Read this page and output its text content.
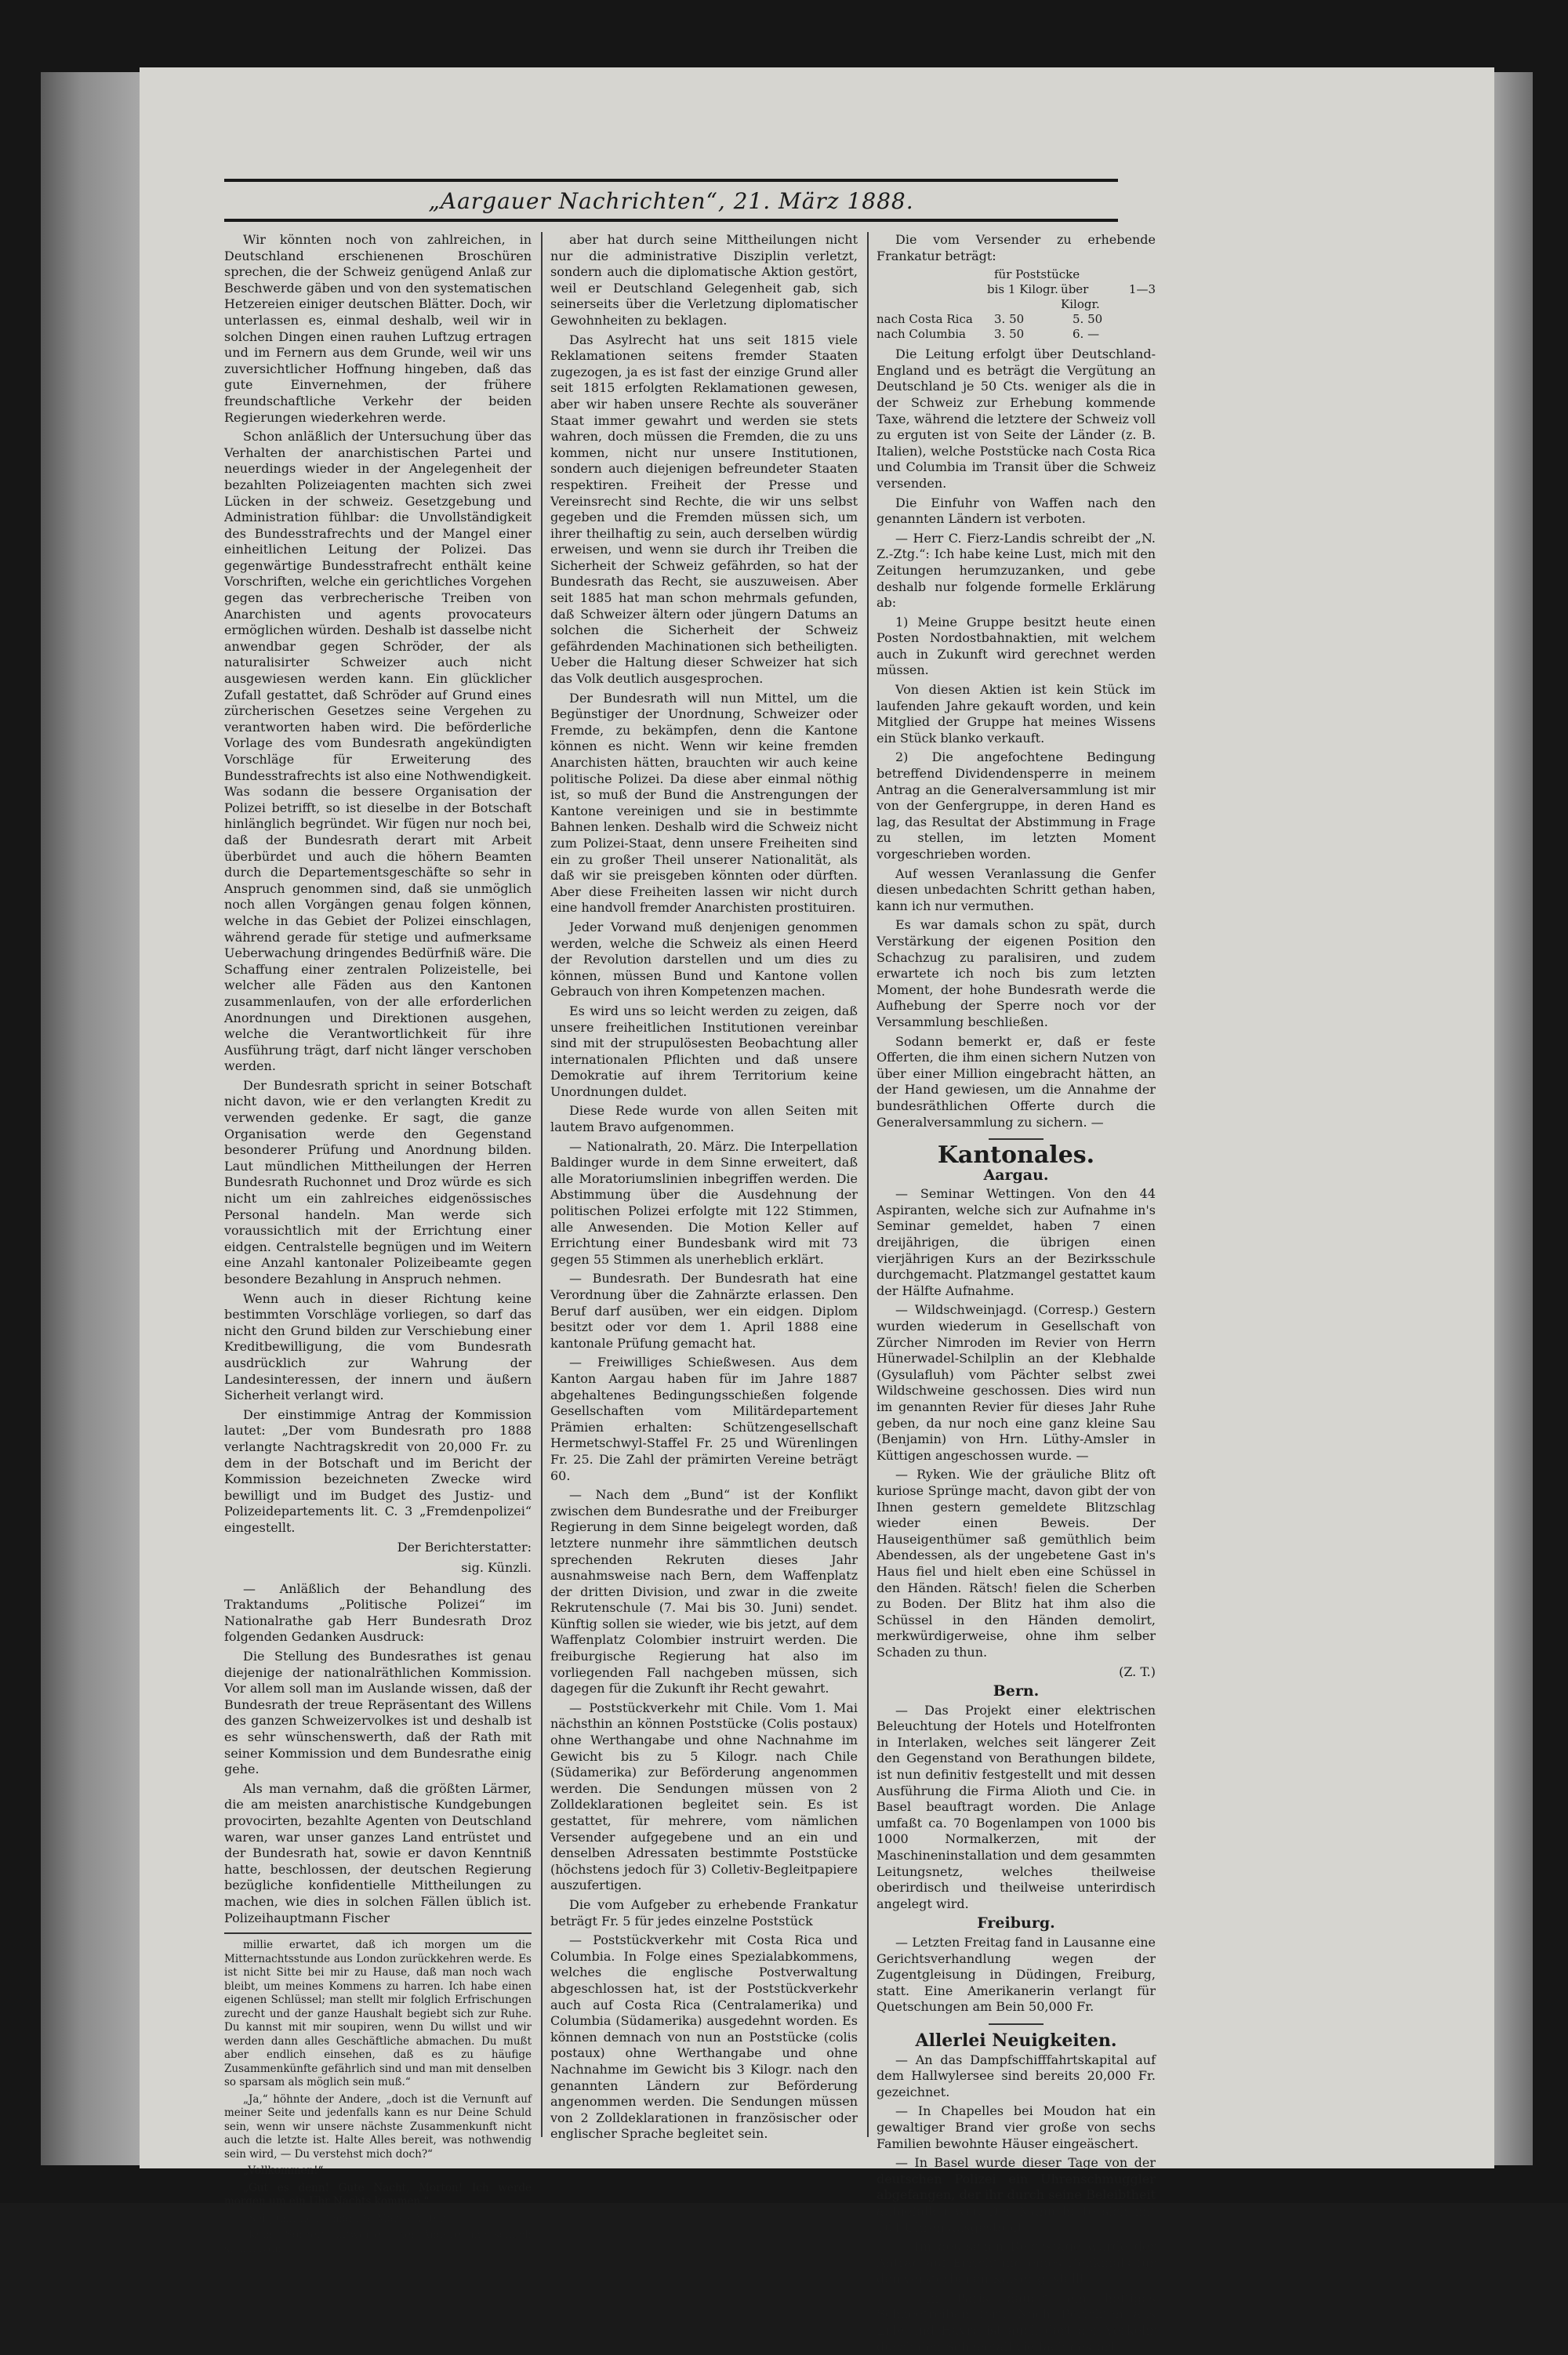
„Aargauer Nachrichten“, 21. März 1888.

Wir könnten noch von zahlreichen, in Deutschland erschienenen Broschüren sprechen, die der Schweiz genügend Anlaß zur Beschwerde gäben und von den systematischen Hetzereien einiger deutschen Blätter. Doch, wir unterlassen es, einmal deshalb, weil wir in solchen Dingen einen rauhen Luftzug ertragen und im Fernern aus dem Grunde, weil wir uns zuversichtlicher Hoffnung hingeben, daß das gute Einvernehmen, der frühere freundschaftliche Verkehr der beiden Regierungen wiederkehren werde.

Schon anläßlich der Untersuchung über das Verhalten der anarchistischen Partei und neuerdings wieder in der Angelegenheit der bezahlten Polizeiagenten machten sich zwei Lücken in der schweiz. Gesetzgebung und Administration fühlbar: die Unvollständigkeit des Bundesstrafrechts und der Mangel einer einheitlichen Leitung der Polizei. Das gegenwärtige Bundesstrafrecht enthält keine Vorschriften, welche ein gerichtliches Vorgehen gegen das verbrecherische Treiben von Anarchisten und agents provocateurs ermöglichen würden. Deshalb ist dasselbe nicht anwendbar gegen Schröder, der als naturalisirter Schweizer auch nicht ausgewiesen werden kann. Ein glücklicher Zufall gestattet, daß Schröder auf Grund eines zürcherischen Gesetzes seine Vergehen zu verantworten haben wird. Die beförderliche Vorlage des vom Bundesrath angekündigten Vorschläge für Erweiterung des Bundesstrafrechts ist also eine Nothwendigkeit. Was sodann die bessere Organisation der Polizei betrifft, so ist dieselbe in der Botschaft hinlänglich begründet. Wir fügen nur noch bei, daß der Bundesrath derart mit Arbeit überbürdet und auch die höhern Beamten durch die Departementsgeschäfte so sehr in Anspruch genommen sind, daß sie unmöglich noch allen Vorgängen genau folgen können, welche in das Gebiet der Polizei einschlagen, während gerade für stetige und aufmerksame Ueberwachung dringendes Bedürfniß wäre. Die Schaffung einer zentralen Polizeistelle, bei welcher alle Fäden aus den Kantonen zusammenlaufen, von der alle erforderlichen Anordnungen und Direktionen ausgehen, welche die Verantwortlichkeit für ihre Ausführung trägt, darf nicht länger verschoben werden.

Der Bundesrath spricht in seiner Botschaft nicht davon, wie er den verlangten Kredit zu verwenden gedenke. Er sagt, die ganze Organisation werde den Gegenstand besonderer Prüfung und Anordnung bilden. Laut mündlichen Mittheilungen der Herren Bundesrath Ruchonnet und Droz würde es sich nicht um ein zahlreiches eidgenössisches Personal handeln. Man werde sich voraussichtlich mit der Errichtung einer eidgen. Centralstelle begnügen und im Weitern eine Anzahl kantonaler Polizeibeamte gegen besondere Bezahlung in Anspruch nehmen.

Wenn auch in dieser Richtung keine bestimmten Vorschläge vorliegen, so darf das nicht den Grund bilden zur Verschiebung einer Kreditbewilligung, die vom Bundesrath ausdrücklich zur Wahrung der Landesinteressen, der innern und äußern Sicherheit verlangt wird.

Der einstimmige Antrag der Kommission lautet: „Der vom Bundesrath pro 1888 verlangte Nachtragskredit von 20,000 Fr. zu dem in der Botschaft und im Bericht der Kommission bezeichneten Zwecke wird bewilligt und im Budget des Justiz- und Polizeidepartements lit. C. 3 „Fremdenpolizei“ eingestellt.

Der Berichterstatter:
sig. Künzli.

— Anläßlich der Behandlung des Traktandums „Politische Polizei“ im Nationalrathe gab Herr Bundesrath Droz folgenden Gedanken Ausdruck:

Die Stellung des Bundesrathes ist genau diejenige der nationalräthlichen Kommission. Vor allem soll man im Auslande wissen, daß der Bundesrath der treue Repräsentant des Willens des ganzen Schweizervolkes ist und deshalb ist es sehr wünschenswerth, daß der Rath mit seiner Kommission und dem Bundesrathe einig gehe.

Als man vernahm, daß die größten Lärmer, die am meisten anarchistische Kundgebungen provocirten, bezahlte Agenten von Deutschland waren, war unser ganzes Land entrüstet und der Bundesrath hat, sowie er davon Kenntniß hatte, beschlossen, der deutschen Regierung bezügliche konfidentielle Mittheilungen zu machen, wie dies in solchen Fällen üblich ist. Polizeihauptmann Fischer

millie erwartet, daß ich morgen um die Mitternachtsstunde aus London zurückkehren werde. Es ist nicht Sitte bei mir zu Hause, daß man noch wach bleibt, um meines Kommens zu harren. Ich habe einen eigenen Schlüssel; man stellt mir folglich Erfrischungen zurecht und der ganze Haushalt begiebt sich zur Ruhe. Du kannst mit mir soupiren, wenn Du willst und wir werden dann alles Geschäftliche abmachen. Du mußt aber endlich einsehen, daß es zu häufige Zusammenkünfte gefährlich sind und man mit denselben so sparsam als möglich sein muß.“

„Ja,“ höhnte der Andere, „doch ist die Vernunft auf meiner Seite und jedenfalls kann es nur Deine Schuld sein, wenn wir unsere nächste Zusammenkunft nicht auch die letzte ist. Halte Alles bereit, was nothwendig sein wird, — Du verstehst mich doch?“

„Vollkommen!“

„Gut es denn! Gute Nacht, Morton! Ich werde morgen um ein Uhr Nachts kommen.“

„Sei pünktlich!“ mahnte Mary's Vater.

„Keine Sorge!“ antwortete der Andere und schlich sich davon.

aber hat durch seine Mittheilungen nicht nur die administrative Disziplin verletzt, sondern auch die diplomatische Aktion gestört, weil er Deutschland Gelegenheit gab, sich seinerseits über die Verletzung diplomatischer Gewohnheiten zu beklagen.

Das Asylrecht hat uns seit 1815 viele Reklamationen seitens fremder Staaten zugezogen, ja es ist fast der einzige Grund aller seit 1815 erfolgten Reklamationen gewesen, aber wir haben unsere Rechte als souveräner Staat immer gewahrt und werden sie stets wahren, doch müssen die Fremden, die zu uns kommen, nicht nur unsere Institutionen, sondern auch diejenigen befreundeter Staaten respektiren. Freiheit der Presse und Vereinsrecht sind Rechte, die wir uns selbst gegeben und die Fremden müssen sich, um ihrer theilhaftig zu sein, auch derselben würdig erweisen, und wenn sie durch ihr Treiben die Sicherheit der Schweiz gefährden, so hat der Bundesrath das Recht, sie auszuweisen. Aber seit 1885 hat man schon mehrmals gefunden, daß Schweizer ältern oder jüngern Datums an solchen die Sicherheit der Schweiz gefährdenden Machinationen sich betheiligten. Ueber die Haltung dieser Schweizer hat sich das Volk deutlich ausgesprochen.

Der Bundesrath will nun Mittel, um die Begünstiger der Unordnung, Schweizer oder Fremde, zu bekämpfen, denn die Kantone können es nicht. Wenn wir keine fremden Anarchisten hätten, brauchten wir auch keine politische Polizei. Da diese aber einmal nöthig ist, so muß der Bund die Anstrengungen der Kantone vereinigen und sie in bestimmte Bahnen lenken. Deshalb wird die Schweiz nicht zum Polizei-Staat, denn unsere Freiheiten sind ein zu großer Theil unserer Nationalität, als daß wir sie preisgeben könnten oder dürften. Aber diese Freiheiten lassen wir nicht durch eine handvoll fremder Anarchisten prostituiren.

Jeder Vorwand muß denjenigen genommen werden, welche die Schweiz als einen Heerd der Revolution darstellen und um dies zu können, müssen Bund und Kantone vollen Gebrauch von ihren Kompetenzen machen.

Es wird uns so leicht werden zu zeigen, daß unsere freiheitlichen Institutionen vereinbar sind mit der strupulösesten Beobachtung aller internationalen Pflichten und daß unsere Demokratie auf ihrem Territorium keine Unordnungen duldet.

Diese Rede wurde von allen Seiten mit lautem Bravo aufgenommen.

— Nationalrath, 20. März. Die Interpellation Baldinger wurde in dem Sinne erweitert, daß alle Moratoriumslinien inbegriffen werden. Die Abstimmung über die Ausdehnung der politischen Polizei erfolgte mit 122 Stimmen, alle Anwesenden. Die Motion Keller auf Errichtung einer Bundesbank wird mit 73 gegen 55 Stimmen als unerheblich erklärt.

— Bundesrath. Der Bundesrath hat eine Verordnung über die Zahnärzte erlassen. Den Beruf darf ausüben, wer ein eidgen. Diplom besitzt oder vor dem 1. April 1888 eine kantonale Prüfung gemacht hat.

— Freiwilliges Schießwesen. Aus dem Kanton Aargau haben für im Jahre 1887 abgehaltenes Bedingungsschießen folgende Gesellschaften vom Militärdepartement Prämien erhalten: Schützengesellschaft Hermetschwyl-Staffel Fr. 25 und Würenlingen Fr. 25. Die Zahl der prämirten Vereine beträgt 60.

— Nach dem „Bund“ ist der Konflikt zwischen dem Bundesrathe und der Freiburger Regierung in dem Sinne beigelegt worden, daß letztere nunmehr ihre sämmtlichen deutsch sprechenden Rekruten dieses Jahr ausnahmsweise nach Bern, dem Waffenplatz der dritten Division, und zwar in die zweite Rekrutenschule (7. Mai bis 30. Juni) sendet. Künftig sollen sie wieder, wie bis jetzt, auf dem Waffenplatz Colombier instruirt werden. Die freiburgische Regierung hat also im vorliegenden Fall nachgeben müssen, sich dagegen für die Zukunft ihr Recht gewahrt.

— Poststückverkehr mit Chile. Vom 1. Mai nächsthin an können Poststücke (Colis postaux) ohne Werthangabe und ohne Nachnahme im Gewicht bis zu 5 Kilogr. nach Chile (Südamerika) zur Beförderung angenommen werden. Die Sendungen müssen von 2 Zolldeklarationen begleitet sein. Es ist gestattet, für mehrere, vom nämlichen Versender aufgegebene und an ein und denselben Adressaten bestimmte Poststücke (höchstens jedoch für 3) Colletiv-Begleitpapiere auszufertigen.

Die vom Aufgeber zu erhebende Frankatur beträgt Fr. 5 für jedes einzelne Poststück

— Poststückverkehr mit Costa Rica und Columbia. In Folge eines Spezialabkommens, welches die englische Postverwaltung abgeschlossen hat, ist der Poststückverkehr auch auf Costa Rica (Centralamerika) und Columbia (Südamerika) ausgedehnt worden. Es können demnach von nun an Poststücke (colis postaux) ohne Werthangabe und ohne Nachnahme im Gewicht bis 3 Kilogr. nach den genannten Ländern zur Beförderung angenommen werden. Die Sendungen müssen von 2 Zolldeklarationen in französischer oder englischer Sprache begleitet sein.

Die vom Versender zu erhebende Frankatur beträgt:

für Poststücke
bis 1 Kilogr. über 1—3 Kilogr.
nach Costa Rica	3. 50	5. 50
nach Columbia	3. 50	6. —

Die Leitung erfolgt über Deutschland-England und es beträgt die Vergütung an Deutschland je 50 Cts. weniger als die in der Schweiz zur Erhebung kommende Taxe, während die letztere der Schweiz voll zu erguten ist von Seite der Länder (z. B. Italien), welche Poststücke nach Costa Rica und Columbia im Transit über die Schweiz versenden.

Die Einfuhr von Waffen nach den genannten Ländern ist verboten.

— Herr C. Fierz-Landis schreibt der „N. Z.-Ztg.“: Ich habe keine Lust, mich mit den Zeitungen herumzuzanken, und gebe deshalb nur folgende formelle Erklärung ab:

1) Meine Gruppe besitzt heute einen Posten Nordostbahnaktien, mit welchem auch in Zukunft wird gerechnet werden müssen.

Von diesen Aktien ist kein Stück im laufenden Jahre gekauft worden, und kein Mitglied der Gruppe hat meines Wissens ein Stück blanko verkauft.

2) Die angefochtene Bedingung betreffend Dividendensperre in meinem Antrag an die Generalversammlung ist mir von der Genfergruppe, in deren Hand es lag, das Resultat der Abstimmung in Frage zu stellen, im letzten Moment vorgeschrieben worden.

Auf wessen Veranlassung die Genfer diesen unbedachten Schritt gethan haben, kann ich nur vermuthen.

Es war damals schon zu spät, durch Verstärkung der eigenen Position den Schachzug zu paralisiren, und zudem erwartete ich noch bis zum letzten Moment, der hohe Bundesrath werde die Aufhebung der Sperre noch vor der Versammlung beschließen.

Sodann bemerkt er, daß er feste Offerten, die ihm einen sichern Nutzen von über einer Million eingebracht hätten, an der Hand gewiesen, um die Annahme der bundesräthlichen Offerte durch die Generalversammlung zu sichern. —

Kantonales.
Aargau.

— Seminar Wettingen. Von den 44 Aspiranten, welche sich zur Aufnahme in's Seminar gemeldet, haben 7 einen dreijährigen, die übrigen einen vierjährigen Kurs an der Bezirksschule durchgemacht. Platzmangel gestattet kaum der Hälfte Aufnahme.

— Wildschweinjagd. (Corresp.) Gestern wurden wiederum in Gesellschaft von Zürcher Nimroden im Revier von Herrn Hünerwadel-Schilplin an der Klebhalde (Gysulafluh) vom Pächter selbst zwei Wildschweine geschossen. Dies wird nun im genannten Revier für dieses Jahr Ruhe geben, da nur noch eine ganz kleine Sau (Benjamin) von Hrn. Lüthy-Amsler in Küttigen angeschossen wurde. —

— Ryken. Wie der gräuliche Blitz oft kuriose Sprünge macht, davon gibt der von Ihnen gestern gemeldete Blitzschlag wieder einen Beweis. Der Hauseigenthümer saß gemüthlich beim Abendessen, als der ungebetene Gast in's Haus fiel und hielt eben eine Schüssel in den Händen. Rätsch! fielen die Scherben zu Boden. Der Blitz hat ihm also die Schüssel in den Händen demolirt, merkwürdigerweise, ohne ihm selber Schaden zu thun.

(Z. T.)
Bern.

— Das Projekt einer elektrischen Beleuchtung der Hotels und Hotelfronten in Interlaken, welches seit längerer Zeit den Gegenstand von Berathungen bildete, ist nun definitiv festgestellt und mit dessen Ausführung die Firma Alioth und Cie. in Basel beauftragt worden. Die Anlage umfaßt ca. 70 Bogenlampen von 1000 bis 1000 Normalkerzen, mit der Maschineninstallation und dem gesammten Leitungsnetz, welches theilweise oberirdisch und theilweise unterirdisch angelegt wird.

Freiburg.

— Letzten Freitag fand in Lausanne eine Gerichtsverhandlung wegen der Zugentgleisung in Düdingen, Freiburg, statt. Eine Amerikanerin verlangt für Quetschungen am Bein 50,000 Fr.

Allerlei Neuigkeiten.

— An das Dampfschifffahrtskapital auf dem Hallwylersee sind bereits 20,000 Fr. gezeichnet.

— In Chapelles bei Moudon hat ein gewaltiger Brand vier große von sechs Familien bewohnte Häuser eingeäschert.

— In Basel wurde dieser Tage von der deutschen Polizei ein Uhrenschmuggler abgefangen, der ihr durch seine Beleibtheit aufgefallen war. Der Mann hatte sich mit 164 Uhren ausgestopft.

— Im deutschen Reichstage wurde der Antrag auf Errichtung eines Denkmals für den verstorbenen Kaiser gestellt.

— In Paris dauert ein heftiges Schneetreiben fort. Nach Berichten aus Lille und Havre ist auch dort der Verkehr durch den Schneefall vielfach gestört.
